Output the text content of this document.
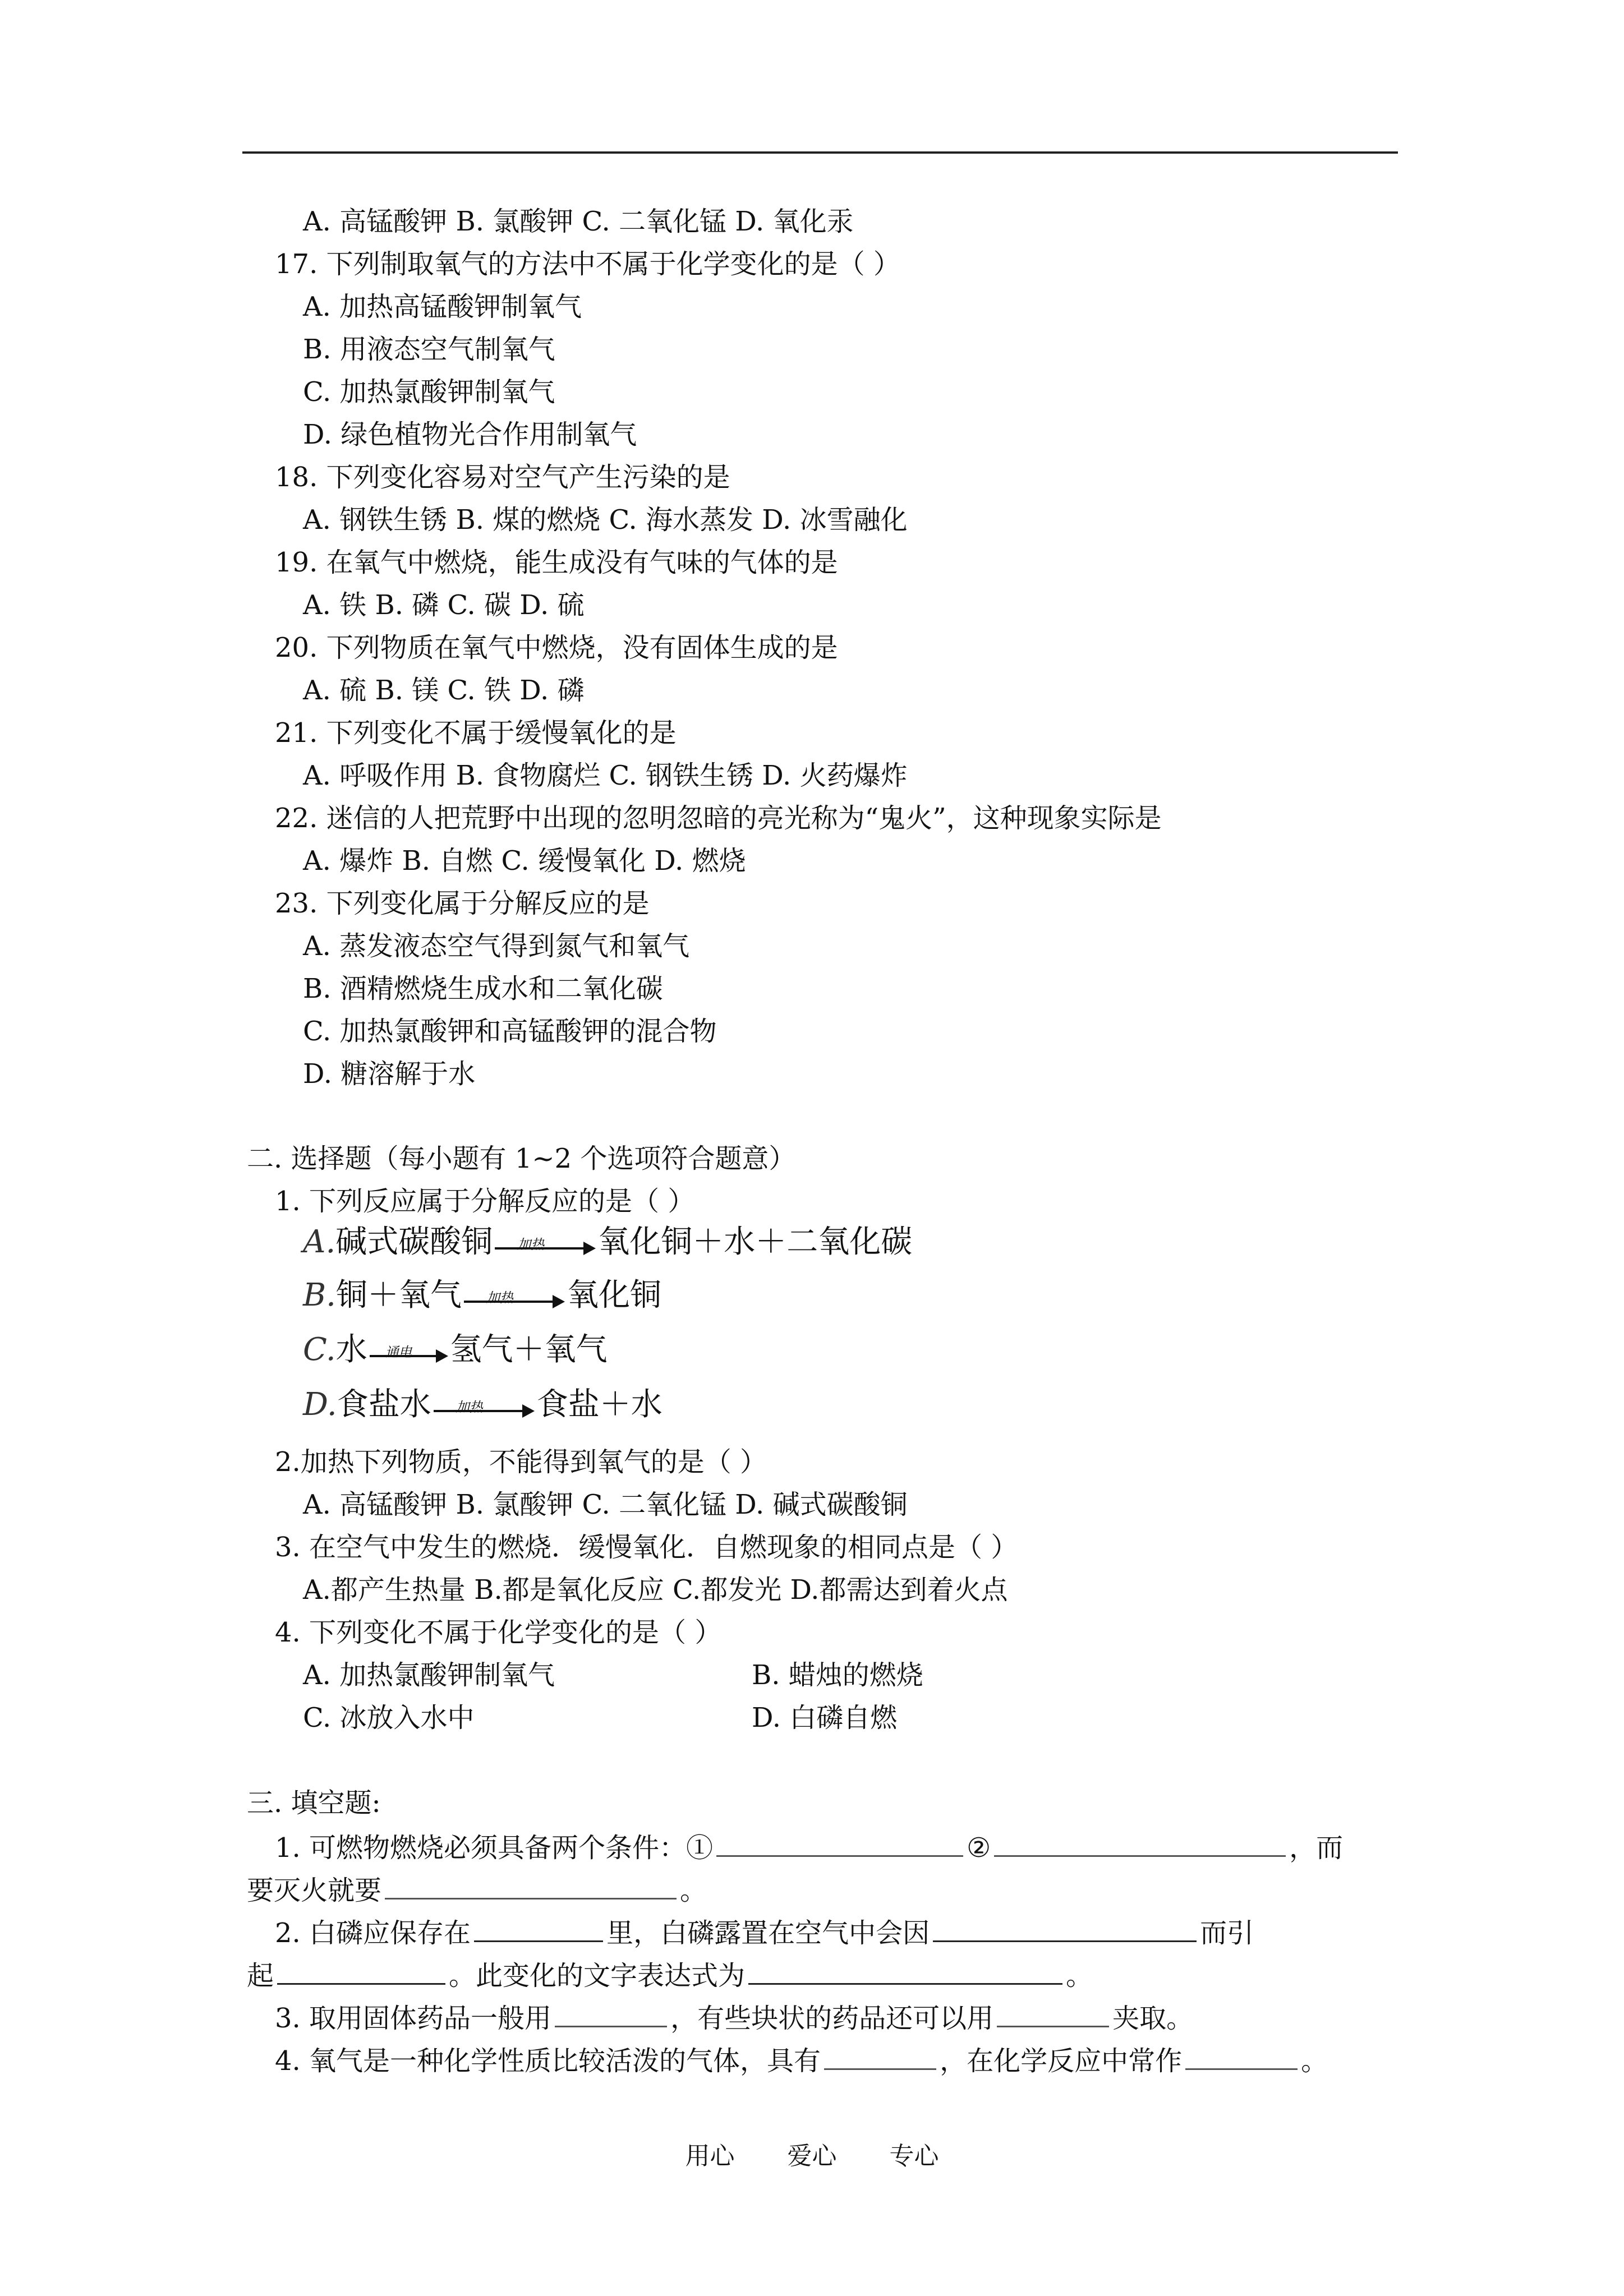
A. 高锰酸钾 B. 氯酸钾 C. 二氧化锰 D. 氧化汞
17. 下列制取氧气的方法中不属于化学变化的是（ ）
A. 加热高锰酸钾制氧气
B. 用液态空气制氧气
C. 加热氯酸钾制氧气
D. 绿色植物光合作用制氧气
18. 下列变化容易对空气产生污染的是
A. 钢铁生锈 B. 煤的燃烧 C. 海水蒸发 D. 冰雪融化
19. 在氧气中燃烧，能生成没有气味的气体的是
A. 铁 B. 磷 C. 碳 D. 硫
20. 下列物质在氧气中燃烧，没有固体生成的是
A. 硫 B. 镁 C. 铁 D. 磷
21. 下列变化不属于缓慢氧化的是
A. 呼吸作用 B. 食物腐烂 C. 钢铁生锈 D. 火药爆炸
22. 迷信的人把荒野中出现的忽明忽暗的亮光称为“鬼火”，这种现象实际是
A. 爆炸 B. 自燃 C. 缓慢氧化 D. 燃烧
23. 下列变化属于分解反应的是
A. 蒸发液态空气得到氮气和氧气
B. 酒精燃烧生成水和二氧化碳
C. 加热氯酸钾和高锰酸钾的混合物
D. 糖溶解于水
二. 选择题（每小题有 1~2 个选项符合题意）
1. 下列反应属于分解反应的是（ ）
A.碱式碳酸铜 加热 氧化铜＋水＋二氧化碳
B.铜＋氧气 加热 氧化铜
C.水 通电 氢气＋氧气
D.食盐水 加热 食盐＋水
2.加热下列物质，不能得到氧气的是（ ）
A. 高锰酸钾 B. 氯酸钾 C. 二氧化锰 D. 碱式碳酸铜
3. 在空气中发生的燃烧．缓慢氧化．自燃现象的相同点是（ ）
A.都产生热量 B.都是氧化反应 C.都发光 D.都需达到着火点
4. 下列变化不属于化学变化的是（ ）
A. 加热氯酸钾制氧气	B. 蜡烛的燃烧
C. 冰放入水中	D. 白磷自燃
三. 填空题:
1. 可燃物燃烧必须具备两个条件：①	②	，而
要灭火就要	。
2. 白磷应保存在	里，白磷露置在空气中会因	而引
起	。此变化的文字表达式为	。
3. 取用固体药品一般用	，有些块状的药品还可以用	夹取。
4. 氧气是一种化学性质比较活泼的气体，具有	，在化学反应中常作	。
用心 爱心 专心
